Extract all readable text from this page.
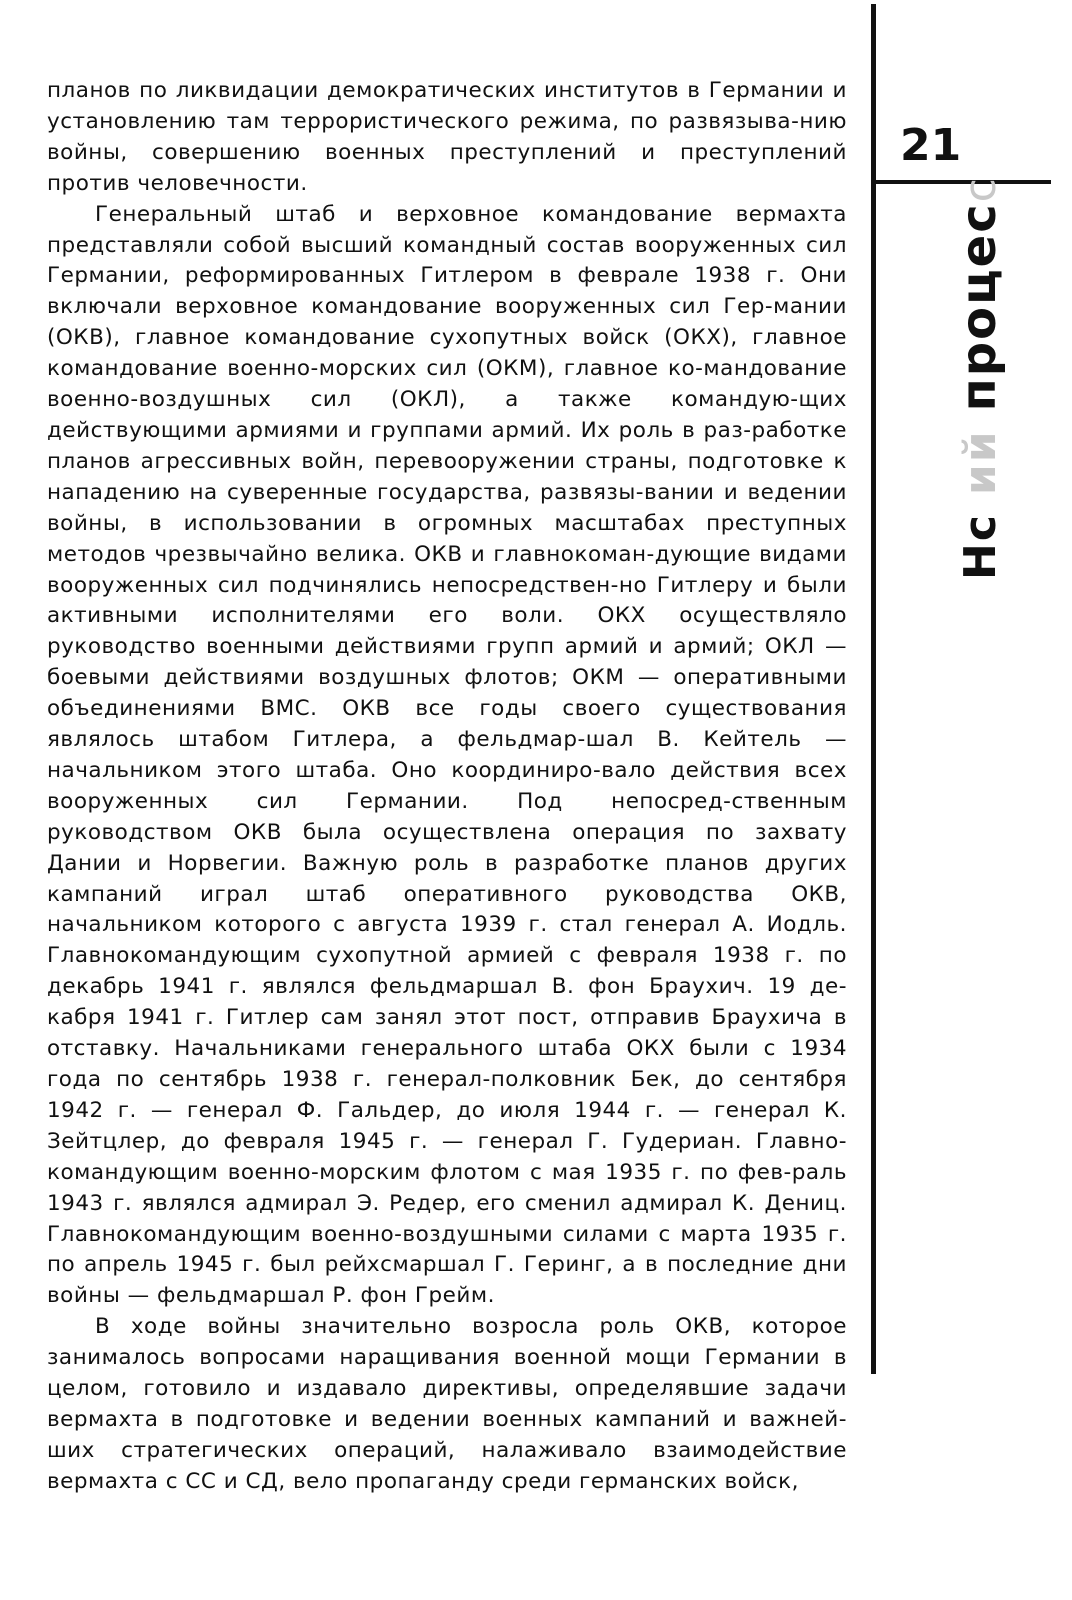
планов по ликвидации демократических институтов в Германии и установлению там террористического режима, по развязыва-нию войны, совершению военных преступлений и преступлений против человечности.

Генеральный штаб и верховное командование вермахта представляли собой высший командный состав вооруженных сил Германии, реформированных Гитлером в феврале 1938 г. Они включали верховное командование вооруженных сил Гер-мании (ОКВ), главное командование сухопутных войск (ОКХ), главное командование военно-морских сил (ОКМ), главное ко-мандование военно-воздушных сил (ОКЛ), а также командую-щих действующими армиями и группами армий. Их роль в раз-работке планов агрессивных войн, перевооружении страны, подготовке к нападению на суверенные государства, развязы-вании и ведении войны, в использовании в огромных масштабах преступных методов чрезвычайно велика. ОКВ и главнокоман-дующие видами вооруженных сил подчинялись непосредствен-но Гитлеру и были активными исполнителями его воли. ОКХ осуществляло руководство военными действиями групп армий и армий; ОКЛ — боевыми действиями воздушных флотов; ОКМ — оперативными объединениями ВМС. ОКВ все годы своего существования являлось штабом Гитлера, а фельдмар-шал В. Кейтель — начальником этого штаба. Оно координиро-вало действия всех вооруженных сил Германии. Под непосред-ственным руководством ОКВ была осуществлена операция по захвату Дании и Норвегии. Важную роль в разработке планов других кампаний играл штаб оперативного руководства ОКВ, начальником которого с августа 1939 г. стал генерал А. Иодль. Главнокомандующим сухопутной армией с февраля 1938 г. по декабрь 1941 г. являлся фельдмаршал В. фон Браухич. 19 де-кабря 1941 г. Гитлер сам занял этот пост, отправив Браухича в отставку. Начальниками генерального штаба ОКХ были с 1934 года по сентябрь 1938 г. генерал-полковник Бек, до сентября 1942 г. — генерал Ф. Гальдер, до июля 1944 г. — генерал К. Зейтцлер, до февраля 1945 г. — генерал Г. Гудериан. Главно-командующим военно-морским флотом с мая 1935 г. по фев-раль 1943 г. являлся адмирал Э. Редер, его сменил адмирал К. Дениц. Главнокомандующим военно-воздушными силами с марта 1935 г. по апрель 1945 г. был рейхсмаршал Г. Геринг, а в последние дни войны — фельдмаршал Р. фон Грейм.

В ходе войны значительно возросла роль ОКВ, которое занималось вопросами наращивания военной мощи Германии в целом, готовило и издавало директивы, определявшие задачи вермахта в подготовке и ведении военных кампаний и важней-ших стратегических операций, налаживало взаимодействие вермахта с СС и СД, вело пропаганду среди германских войск,

21
Нсийпроцесс
